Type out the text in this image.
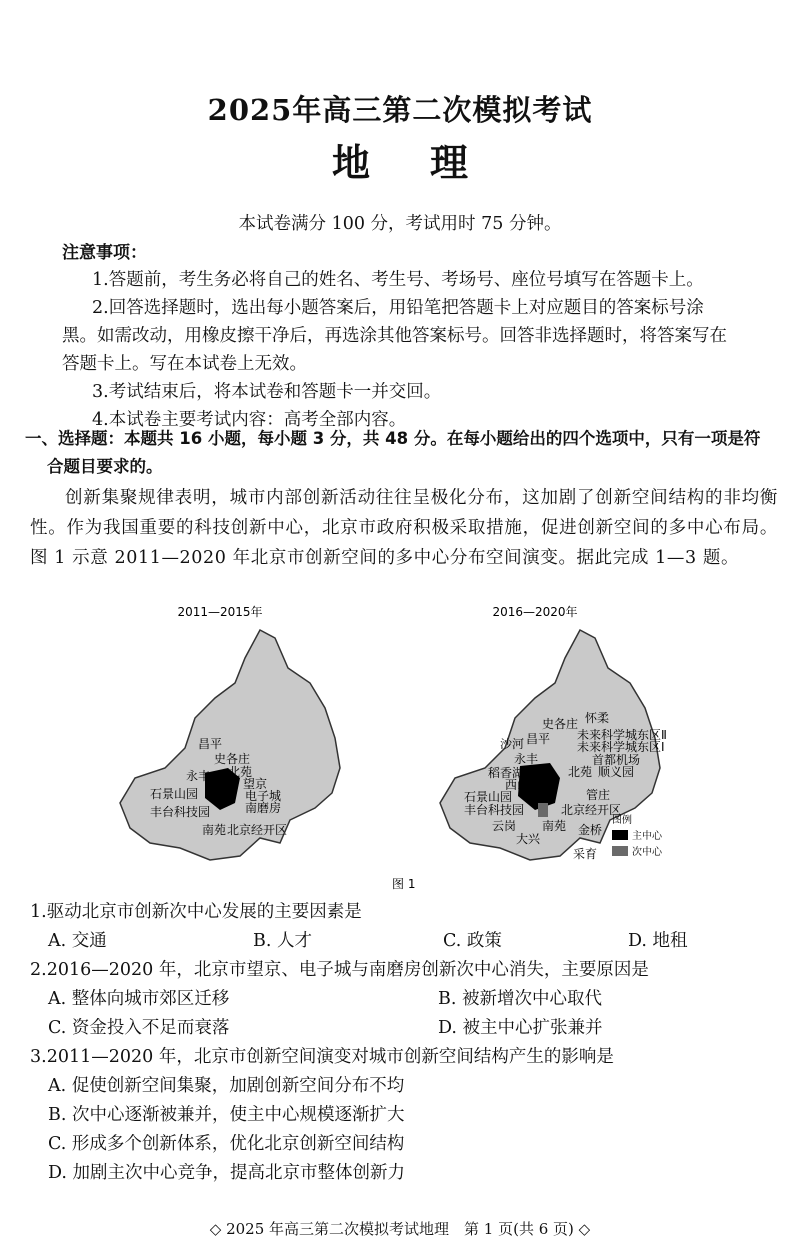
2025年高三第二次模拟考试
地 理
本试卷满分 100 分，考试用时 75 分钟。
注意事项：
1.答题前，考生务必将自己的姓名、考生号、考场号、座位号填写在答题卡上。
2.回答选择题时，选出每小题答案后，用铅笔把答题卡上对应题目的答案标号涂
黑。如需改动，用橡皮擦干净后，再选涂其他答案标号。回答非选择题时，将答案写在
答题卡上。写在本试卷上无效。
3.考试结束后，将本试卷和答题卡一并交回。
4.本试卷主要考试内容：高考全部内容。
一、选择题：本题共 16 小题，每小题 3 分，共 48 分。在每小题给出的四个选项中，只有一项是符
合题目要求的。
创新集聚规律表明，城市内部创新活动往往呈极化分布，这加剧了创新空间结构的非均衡性。作为我国重要的科技创新中心，北京市政府积极采取措施，促进创新空间的多中心布局。图 1 示意 2011—2020 年北京市创新空间的多中心分布空间演变。据此完成 1—3 题。
2011—2015年	2016—2020年
昌平
史各庄
北苑
永丰
望京
电子城
石景山园
南磨房
丰台科技园
南苑 北京经开区
怀柔
史各庄
昌平
沙河
未来科学城东区Ⅱ
未来科学城东区Ⅰ
首都机场
永丰
稻香湖	北苑 顺义园
西山
石景山园	管庄
丰台科技园	北京经开区
云岗 南苑 金桥
大兴
采育
图例
主中心
次中心
图 1
1.驱动北京市创新次中心发展的主要因素是
A. 交通	B. 人才	C. 政策	D. 地租
2.2016—2020 年，北京市望京、电子城与南磨房创新次中心消失，主要原因是
A. 整体向城市郊区迁移	B. 被新增次中心取代
C. 资金投入不足而衰落	D. 被主中心扩张兼并
3.2011—2020 年，北京市创新空间演变对城市创新空间结构产生的影响是
A. 促使创新空间集聚，加剧创新空间分布不均
B. 次中心逐渐被兼并，使主中心规模逐渐扩大
C. 形成多个创新体系，优化北京创新空间结构
D. 加剧主次中心竞争，提高北京市整体创新力
◇ 2025 年高三第二次模拟考试地理　第 1 页(共 6 页) ◇
